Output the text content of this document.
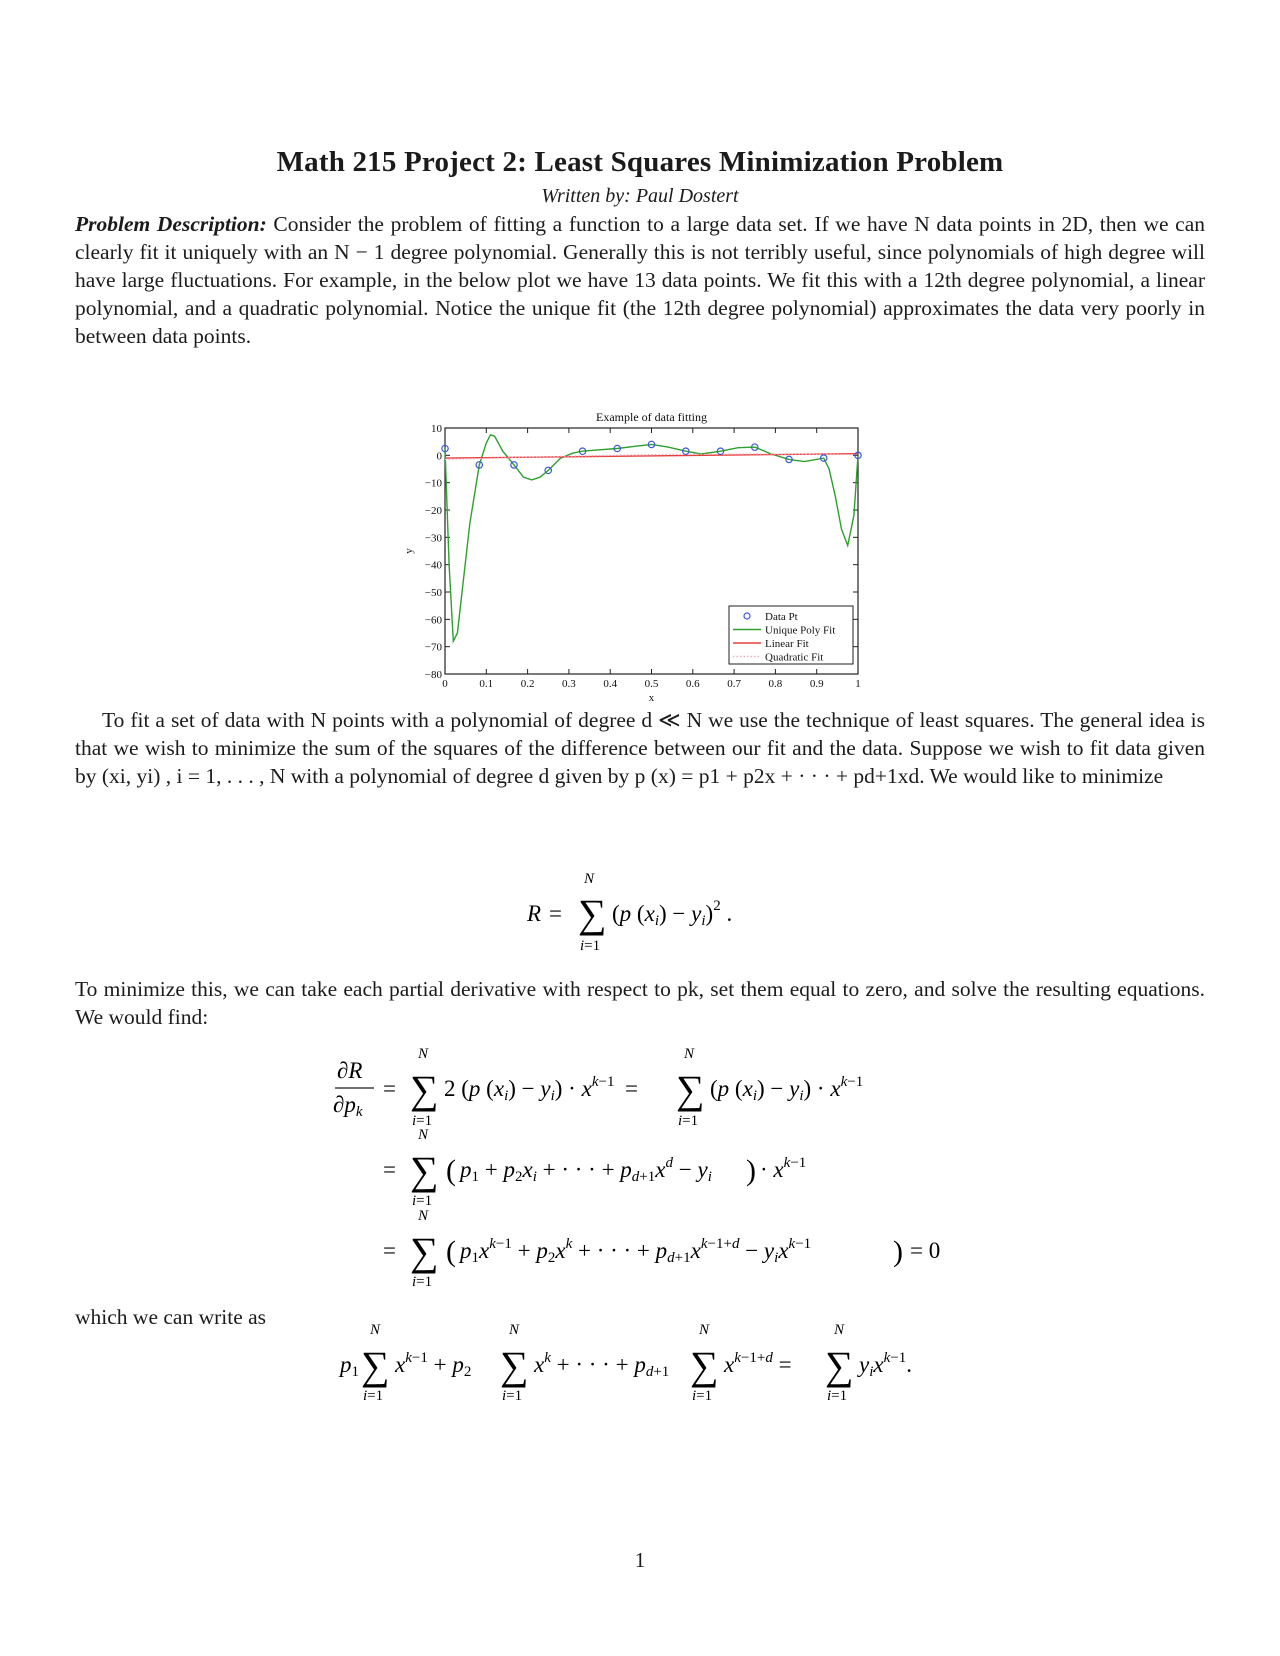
Math 215 Project 2: Least Squares Minimization Problem
Written by: Paul Dostert
Problem Description: Consider the problem of fitting a function to a large data set. If we have N data points in 2D, then we can clearly fit it uniquely with an N − 1 degree polynomial. Generally this is not terribly useful, since polynomials of high degree will have large fluctuations. For example, in the below plot we have 13 data points. We fit this with a 12th degree polynomial, a linear polynomial, and a quadratic polynomial. Notice the unique fit (the 12th degree polynomial) approximates the data very poorly in between data points.
Example of data fitting
x
y
0	0.1	0.2	0.3	0.4	0.5	0.6	0.7	0.8	0.9	1
10
0
−10
−20
−30
−40
−50
−60
−70
−80
Data Pt
Unique Poly Fit
Linear Fit
Quadratic Fit
To fit a set of data with N points with a polynomial of degree d ≪ N we use the technique of least squares. The general idea is that we wish to minimize the sum of the squares of the difference between our fit and the data. Suppose we wish to fit data given by (xi, yi) , i = 1, . . . , N with a polynomial of degree d given by p (x) = p1 + p2x + · · · + pd+1xd. We would like to minimize
R = ∑
N
i=1
(p (xi) − yi)$^2$ .
To minimize this, we can take each partial derivative with respect to pk, set them equal to zero, and solve the resulting equations. We would find:
∂R
∂pk
= ∑
N
i=1
2 (p $(xi) - yi) \cdot x^k-1$ = ∑
N
i=1
(p $(xi) - yi) \cdot x^k-1$
= ∑
N
i=1
( p1 + p2xi + · · · + $pd+1x^d$ − yi ) · $x^k-1$
= ∑
N
i=1
( $p1x^k-1 + p2x^k$ + · · · + $pd+1x^k-1+d - yix^k-1$	) = 0
which we can write as
p1 ∑
N
i=1
$x^k-1 + p2$ ∑
N
i=1
$x^k$ + · · · + pd+1 ∑
N
i=1
$x^k-1+d$ = ∑
N
i=1
yix$^k$−1.
1
